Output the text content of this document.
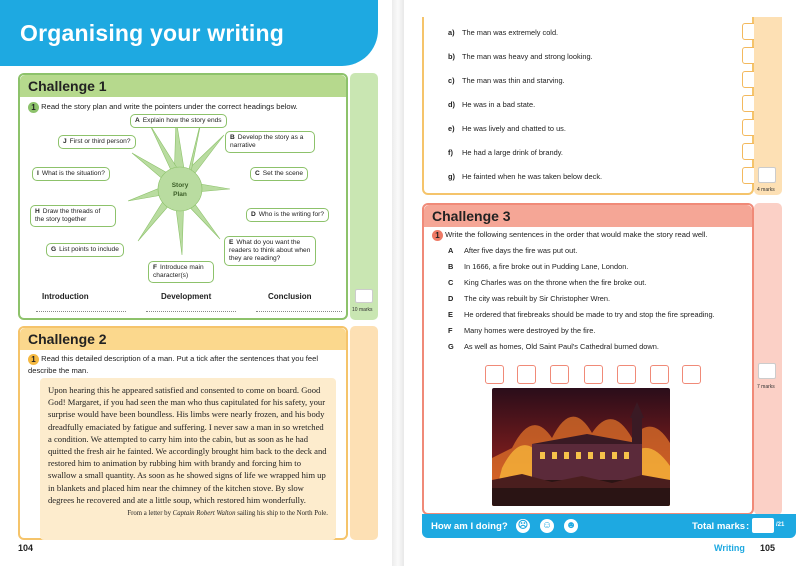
Organising your writing
Challenge 1
1 Read the story plan and write the pointers under the correct headings below.
Story
Plan
A Explain how the story ends
B Develop the story as a narrative
C Set the scene
D Who is the writing for?
E What do you want the readers to think about when they are reading?
F Introduce main character(s)
G List points to include
H Draw the threads of the story together
I What is the situation?
J First or third person?
Introduction	Development	Conclusion
10 marks
Challenge 2
1 Read this detailed description of a man. Put a tick after the sentences that you feel describe the man.
Upon hearing this he appeared satisfied and consented to come on board. Good God! Margaret, if you had seen the man who thus capitulated for his safety, your surprise would have been boundless. His limbs were nearly frozen, and his body dreadfully emaciated by fatigue and suffering. I never saw a man in so wretched a condition. We attempted to carry him into the cabin, but as soon as he had quitted the fresh air he fainted. We accordingly brought him back to the deck and restored him to animation by rubbing him with brandy and forcing him to swallow a small quantity. As soon as he showed signs of life we wrapped him up in blankets and placed him near the chimney of the kitchen stove. By slow degrees he recovered and ate a little soup, which restored him wonderfully.
From a letter by Captain Robert Walton sailing his ship to the North Pole.
104
a) The man was extremely cold.
b) The man was heavy and strong looking.
c) The man was thin and starving.
d) He was in a bad state.
e) He was lively and chatted to us.
f) He had a large drink of brandy.
g) He fainted when he was taken below deck.
4 marks
Challenge 3
1 Write the following sentences in the order that would make the story read well.
A After five days the fire was put out.
B In 1666, a fire broke out in Pudding Lane, London.
C King Charles was on the throne when the fire broke out.
D The city was rebuilt by Sir Christopher Wren.
E He ordered that firebreaks should be made to try and stop the fire spreading.
F Many homes were destroyed by the fire.
G As well as homes, Old Saint Paul's Cathedral burned down.
7 marks
How am I doing? ☹ ☺ ☻	Total marks :	/21
Writing 105
